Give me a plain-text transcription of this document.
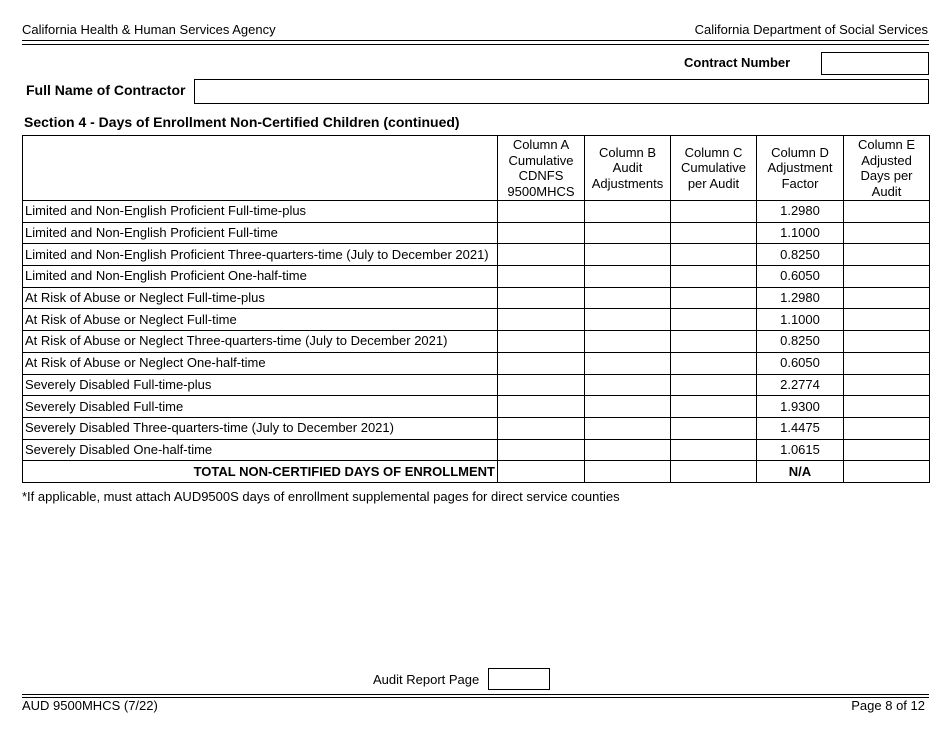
California Health & Human Services Agency	California Department of Social Services
Contract Number
Full Name of Contractor
Section 4 - Days of Enrollment Non-Certified Children (continued)
	Column A Cumulative CDNFS 9500MHCS	Column B Audit Adjustments	Column C Cumulative per Audit	Column D Adjustment Factor	Column E Adjusted Days per Audit
Limited and Non-English Proficient Full-time-plus				1.2980	
Limited and Non-English Proficient Full-time				1.1000	
Limited and Non-English Proficient Three-quarters-time (July to December 2021)				0.8250	
Limited and Non-English Proficient One-half-time				0.6050	
At Risk of Abuse or Neglect Full-time-plus				1.2980	
At Risk of Abuse or Neglect Full-time				1.1000	
At Risk of Abuse or Neglect Three-quarters-time (July to December 2021)				0.8250	
At Risk of Abuse or Neglect One-half-time				0.6050	
Severely Disabled Full-time-plus				2.2774	
Severely Disabled Full-time				1.9300	
Severely Disabled Three-quarters-time (July to December 2021)				1.4475	
Severely Disabled One-half-time				1.0615	
TOTAL NON-CERTIFIED DAYS OF ENROLLMENT				N/A	
*If applicable, must attach AUD9500S days of enrollment supplemental pages for direct service counties
Audit Report Page
AUD 9500MHCS (7/22)	Page 8 of 12
